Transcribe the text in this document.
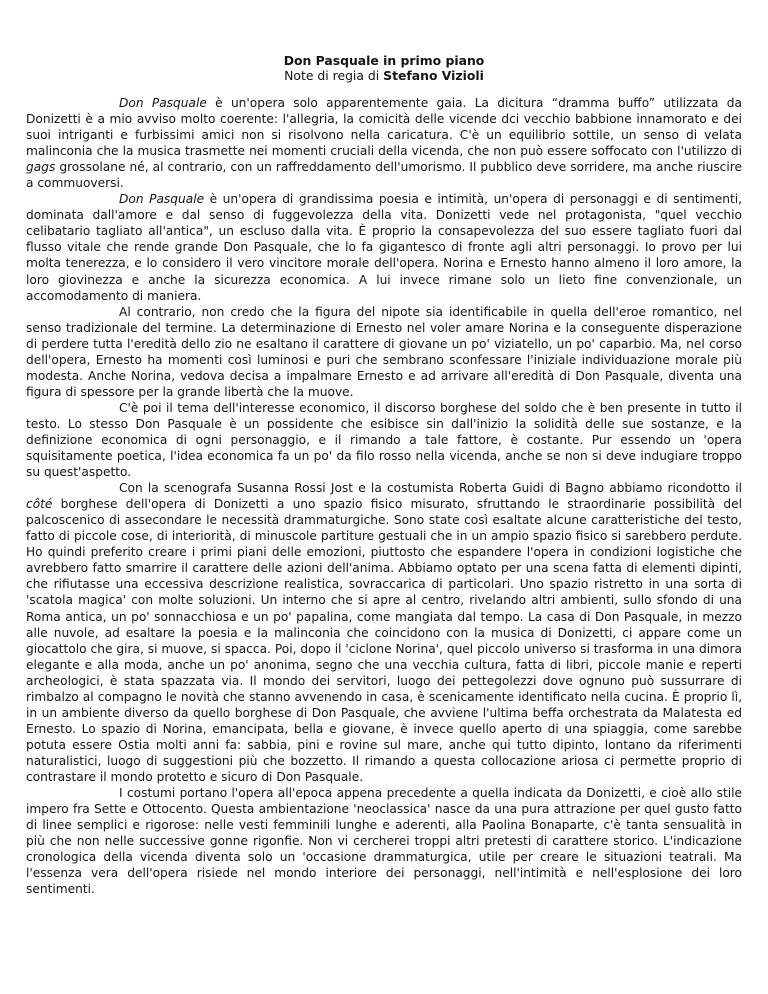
Don Pasquale in primo piano
Note di regia di Stefano Vizioli

Don Pasquale è un'opera solo apparentemente gaia. La dicitura “dramma buffo” utilizzata da Donizetti è a mio avviso molto coerente: l'allegria, la comicità delle vicende dci vecchio babbione innamorato e dei suoi intriganti e furbissimi amici non si risolvono nella caricatura. C'è un equilibrio sottile, un senso di velata malinconia che la musica trasmette nei momenti cruciali della vicenda, che non può essere soffocato con l'utilizzo di gags grossolane né, al contrario, con un raffreddamento dell'umorismo. Il pubblico deve sorridere, ma anche riuscire a commuoversi.

Don Pasquale è un'opera di grandissima poesia e intimità, un'opera di personaggi e di sentimenti, dominata dall'amore e dal senso di fuggevolezza della vita. Donizetti vede nel protagonista, "quel vecchio celibatario tagliato all'antica", un escluso dalla vita. È proprio la consapevolezza del suo essere tagliato fuori dal flusso vitale che rende grande Don Pasquale, che lo fa gigantesco di fronte agli altri personaggi. Io provo per lui molta tenerezza, e lo considero il vero vincitore morale dell'opera. Norina e Ernesto hanno almeno il loro amore, la loro giovinezza e anche la sicurezza economica. A lui invece rimane solo un lieto fine convenzionale, un accomodamento di maniera.

Al contrario, non credo che la figura del nipote sia identificabile in quella dell'eroe romantico, nel senso tradizionale del termine. La determinazione di Ernesto nel voler amare Norina e la conseguente disperazione di perdere tutta l'eredità dello zio ne esaltano il carattere di giovane un po' viziatello, un po' caparbio. Ma, nel corso dell'opera, Ernesto ha momenti così luminosi e puri che sembrano sconfessare l'iniziale individuazione morale più modesta. Anche Norina, vedova decisa a impalmare Ernesto e ad arrivare all'eredità di Don Pasquale, diventa una figura di spessore per la grande libertà che la muove.

C'è poi il tema dell'interesse economico, il discorso borghese del soldo che è ben presente in tutto il testo. Lo stesso Don Pasquale è un possidente che esibisce sin dall'inizio la solidità delle sue sostanze, e la definizione economica di ogni personaggio, e il rimando a tale fattore, è costante. Pur essendo un 'opera squisitamente poetica, l'idea economica fa un po' da filo rosso nella vicenda, anche se non si deve indugiare troppo su quest'aspetto.

Con la scenografa Susanna Rossi Jost e la costumista Roberta Guidi di Bagno abbiamo ricondotto il côté borghese dell'opera di Donizetti a uno spazio fisico misurato, sfruttando le straordinarie possibilità del palcoscenico di assecondare le necessità drammaturgiche. Sono state così esaltate alcune caratteristiche del testo, fatto di piccole cose, di interiorità, di minuscole partiture gestuali che in un ampio spazio fisico si sarebbero perdute. Ho quindi preferito creare i primi piani delle emozioni, piuttosto che espandere l'opera in condizioni logistiche che avrebbero fatto smarrire il carattere delle azioni dell'anima. Abbiamo optato per una scena fatta di elementi dipinti, che rifiutasse una eccessiva descrizione realistica, sovraccarica di particolari. Uno spazio ristretto in una sorta di 'scatola magica' con molte soluzioni. Un interno che si apre al centro, rivelando altri ambienti, sullo sfondo di una Roma antica, un po' sonnacchiosa e un po' papalina, come mangiata dal tempo. La casa di Don Pasquale, in mezzo alle nuvole, ad esaltare la poesia e la malinconia che coincidono con la musica di Donizetti, ci appare come un giocattolo che gira, si muove, si spacca. Poi, dopo il 'ciclone Norina', quel piccolo universo si trasforma in una dimora elegante e alla moda, anche un po' anonima, segno che una vecchia cultura, fatta di libri, piccole manie e reperti archeologici, è stata spazzata via. Il mondo dei servitori, luogo dei pettegolezzi dove ognuno può sussurrare di rimbalzo al compagno le novità che stanno avvenendo in casa, è scenicamente identificato nella cucina. È proprio lì, in un ambiente diverso da quello borghese di Don Pasquale, che avviene l'ultima beffa orchestrata da Malatesta ed Ernesto. Lo spazio di Norina, emancipata, bella e giovane, è invece quello aperto di una spiaggia, come sarebbe potuta essere Ostia molti anni fa: sabbia, pini e rovine sul mare, anche qui tutto dipinto, lontano da riferimenti naturalistici, luogo di suggestioni più che bozzetto. Il rimando a questa collocazione ariosa ci permette proprio di contrastare il mondo protetto e sicuro di Don Pasquale.

I costumi portano l'opera all'epoca appena precedente a quella indicata da Donizetti, e cioè allo stile impero fra Sette e Ottocento. Questa ambientazione 'neoclassica' nasce da una pura attrazione per quel gusto fatto di linee semplici e rigorose: nelle vesti femminili lunghe e aderenti, alla Paolina Bonaparte, c'è tanta sensualità in più che non nelle successive gonne rigonfie. Non vi cercherei troppi altri pretesti di carattere storico. L'indicazione cronologica della vicenda diventa solo un 'occasione drammaturgica, utile per creare le situazioni teatrali. Ma l'essenza vera dell'opera risiede nel mondo interiore dei personaggi, nell'intimità e nell'esplosione dei loro sentimenti.
